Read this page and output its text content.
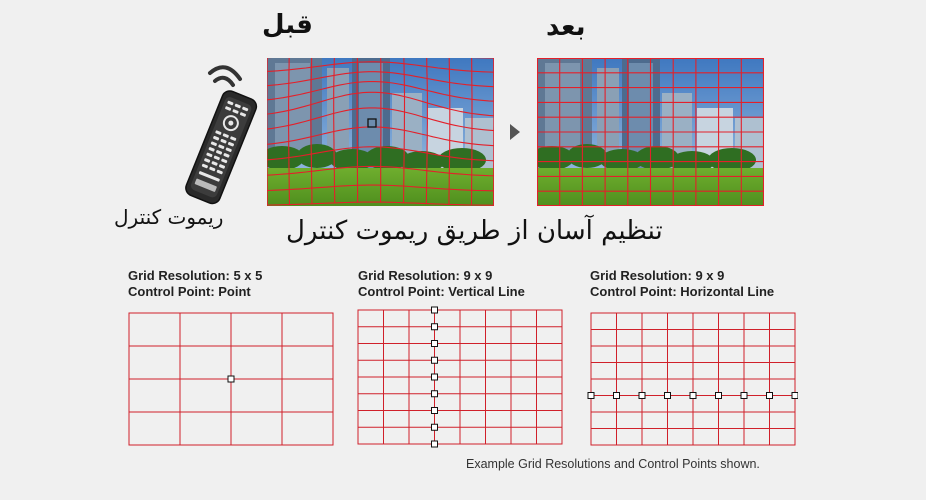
قبل	بعد
ریموت کنترل تنظیم آسان از طریق ریموت کنترل
Grid Resolution: 5 x 5
Control Point: Point
Grid Resolution: 9 x 9
Control Point: Vertical Line
Grid Resolution: 9 x 9
Control Point: Horizontal Line
Example Grid Resolutions and Control Points shown.
